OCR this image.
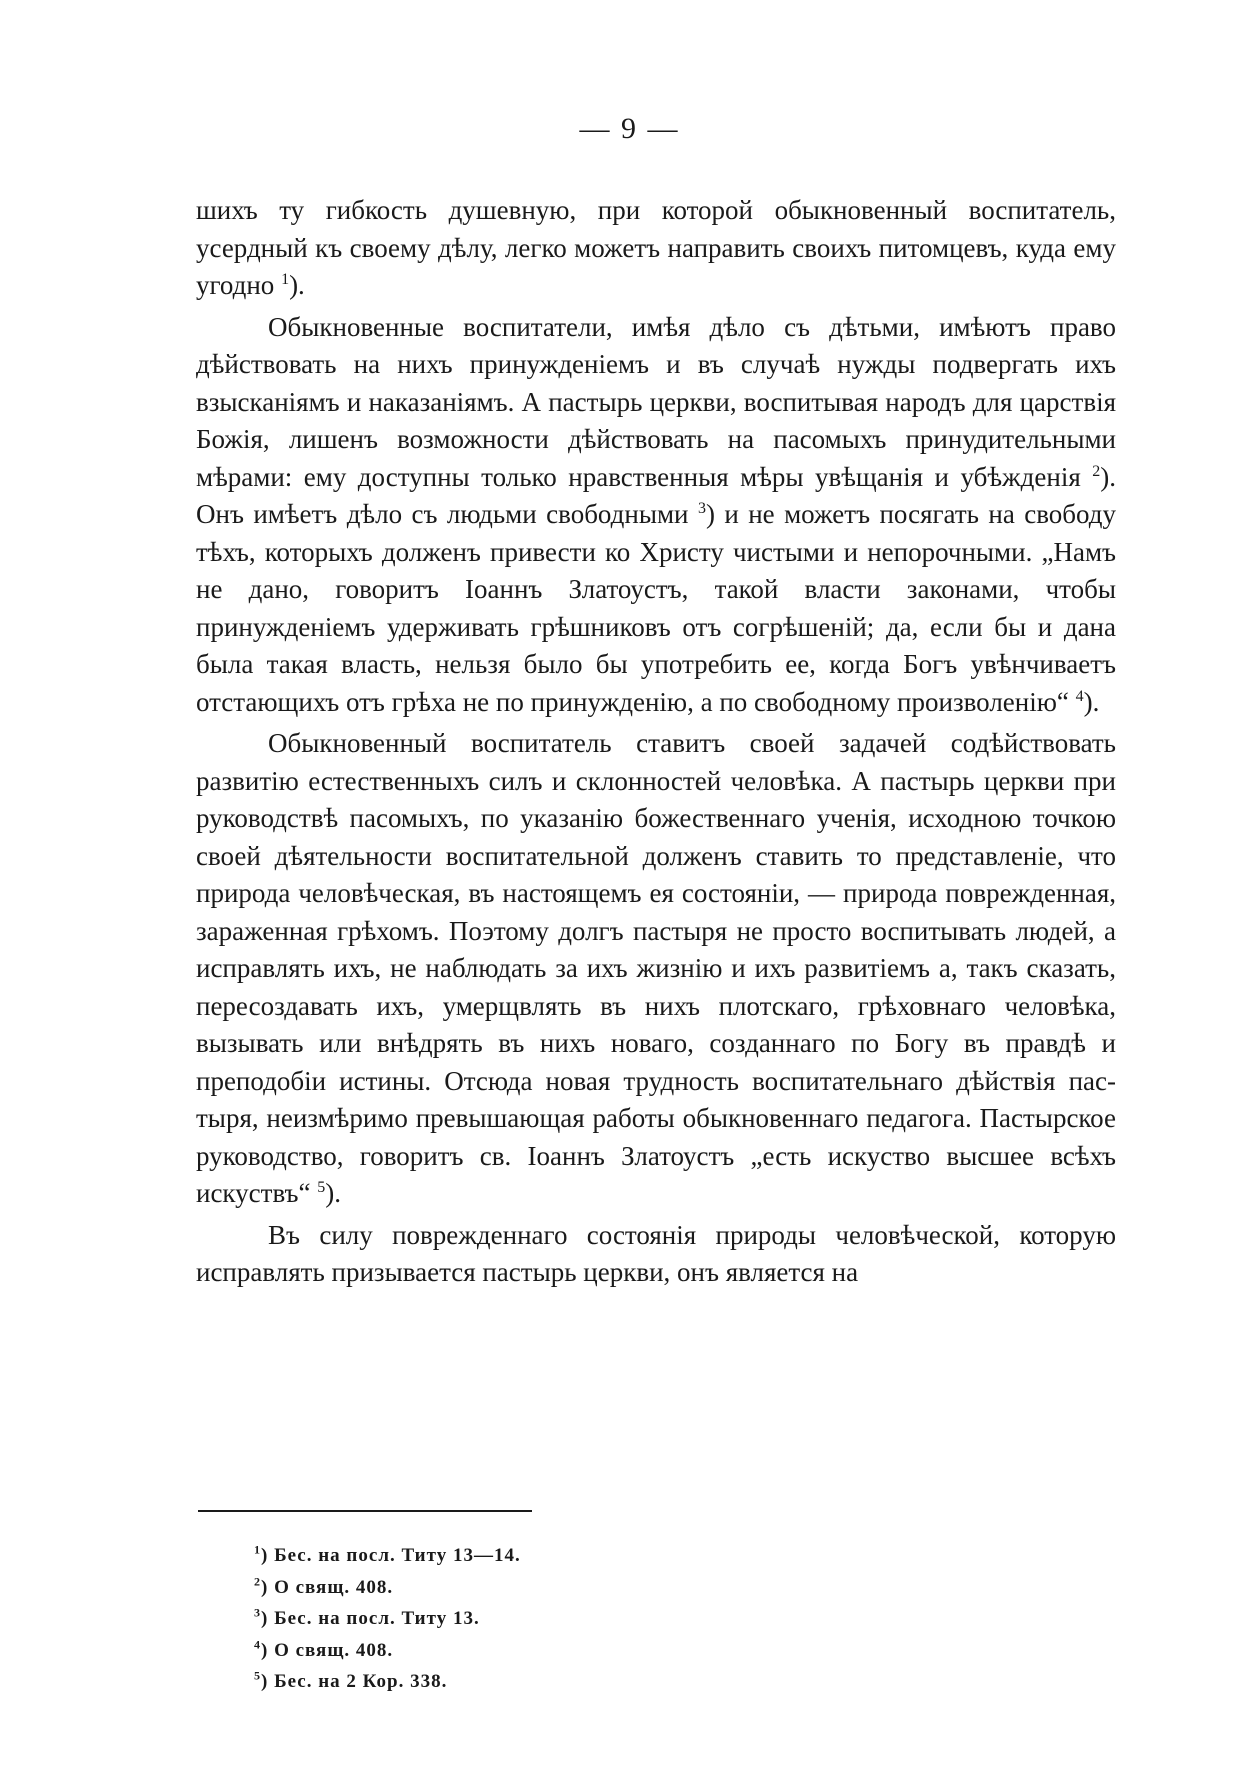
— 9 —

шихъ ту гибкость душевную, при которой обыкновенный воспитатель, усердный къ своему дѣлу, легко можетъ направить своихъ питомцевъ, куда ему угодно $^1$).

Обыкновенные воспитатели, имѣя дѣло съ дѣтьми, имѣютъ право дѣйствовать на нихъ принужденіемъ и въ случаѣ нужды подвергать ихъ взысканіямъ и наказаніямъ. А пастырь церкви, воспитывая народъ для царствія Божія, лишенъ возможности дѣйствовать на пасомыхъ принудительными мѣрами: ему доступны только нравственныя мѣры увѣщанія и убѣжденія $^2$). Онъ имѣетъ дѣло съ людьми свободными $^3$) и не можетъ посягать на свободу тѣхъ, которыхъ долженъ привести ко Христу чистыми и непорочными. „Намъ не дано, говоритъ Іоаннъ Златоустъ, такой власти законами, чтобы принужденіемъ удерживать грѣшниковъ отъ согрѣшеній; да, если бы и дана была такая власть, нельзя было бы употребить ее, когда Богъ увѣнчиваетъ отстающихъ отъ грѣха не по принужденію, а по свободному произволенію“ $^4$).

Обыкновенный воспитатель ставитъ своей задачей содѣйствовать развитію естественныхъ силъ и склонностей человѣка. А пастырь церкви при руководствѣ пасомыхъ, по указанію божественнаго ученія, исходною точкою своей дѣятельности воспитательной долженъ ставить то представленіе, что природа человѣческая, въ настоящемъ ея состояніи, — природа поврежденная, зараженная грѣхомъ. Поэтому долгъ пастыря не просто воспитывать людей, а исправлять ихъ, не наблюдать за ихъ жизнію и ихъ развитіемъ а, такъ сказать, пересоздавать ихъ, умерщвлять въ нихъ плотскаго, грѣховнаго человѣка, вызывать или внѣдрять въ нихъ новаго, созданнаго по Богу въ правдѣ и преподобіи истины. Отсюда новая трудность воспитательнаго дѣйствія пастыря, неизмѣримо превышающая работы обыкновеннаго педагога. Пастырское руководство, говоритъ св. Іоаннъ Златоустъ „есть искуство высшее всѣхъ искуствъ“ $^5$).

Въ силу поврежденнаго состоянія природы человѣческой, которую исправлять призывается пастырь церкви, онъ является на

$^1$) Бес. на посл. Титу 13—14.
$^2$) О свящ. 408.
$^3$) Бес. на посл. Титу 13.
$^4$) О свящ. 408.
$^5$) Бес. на 2 Кор. 338.
